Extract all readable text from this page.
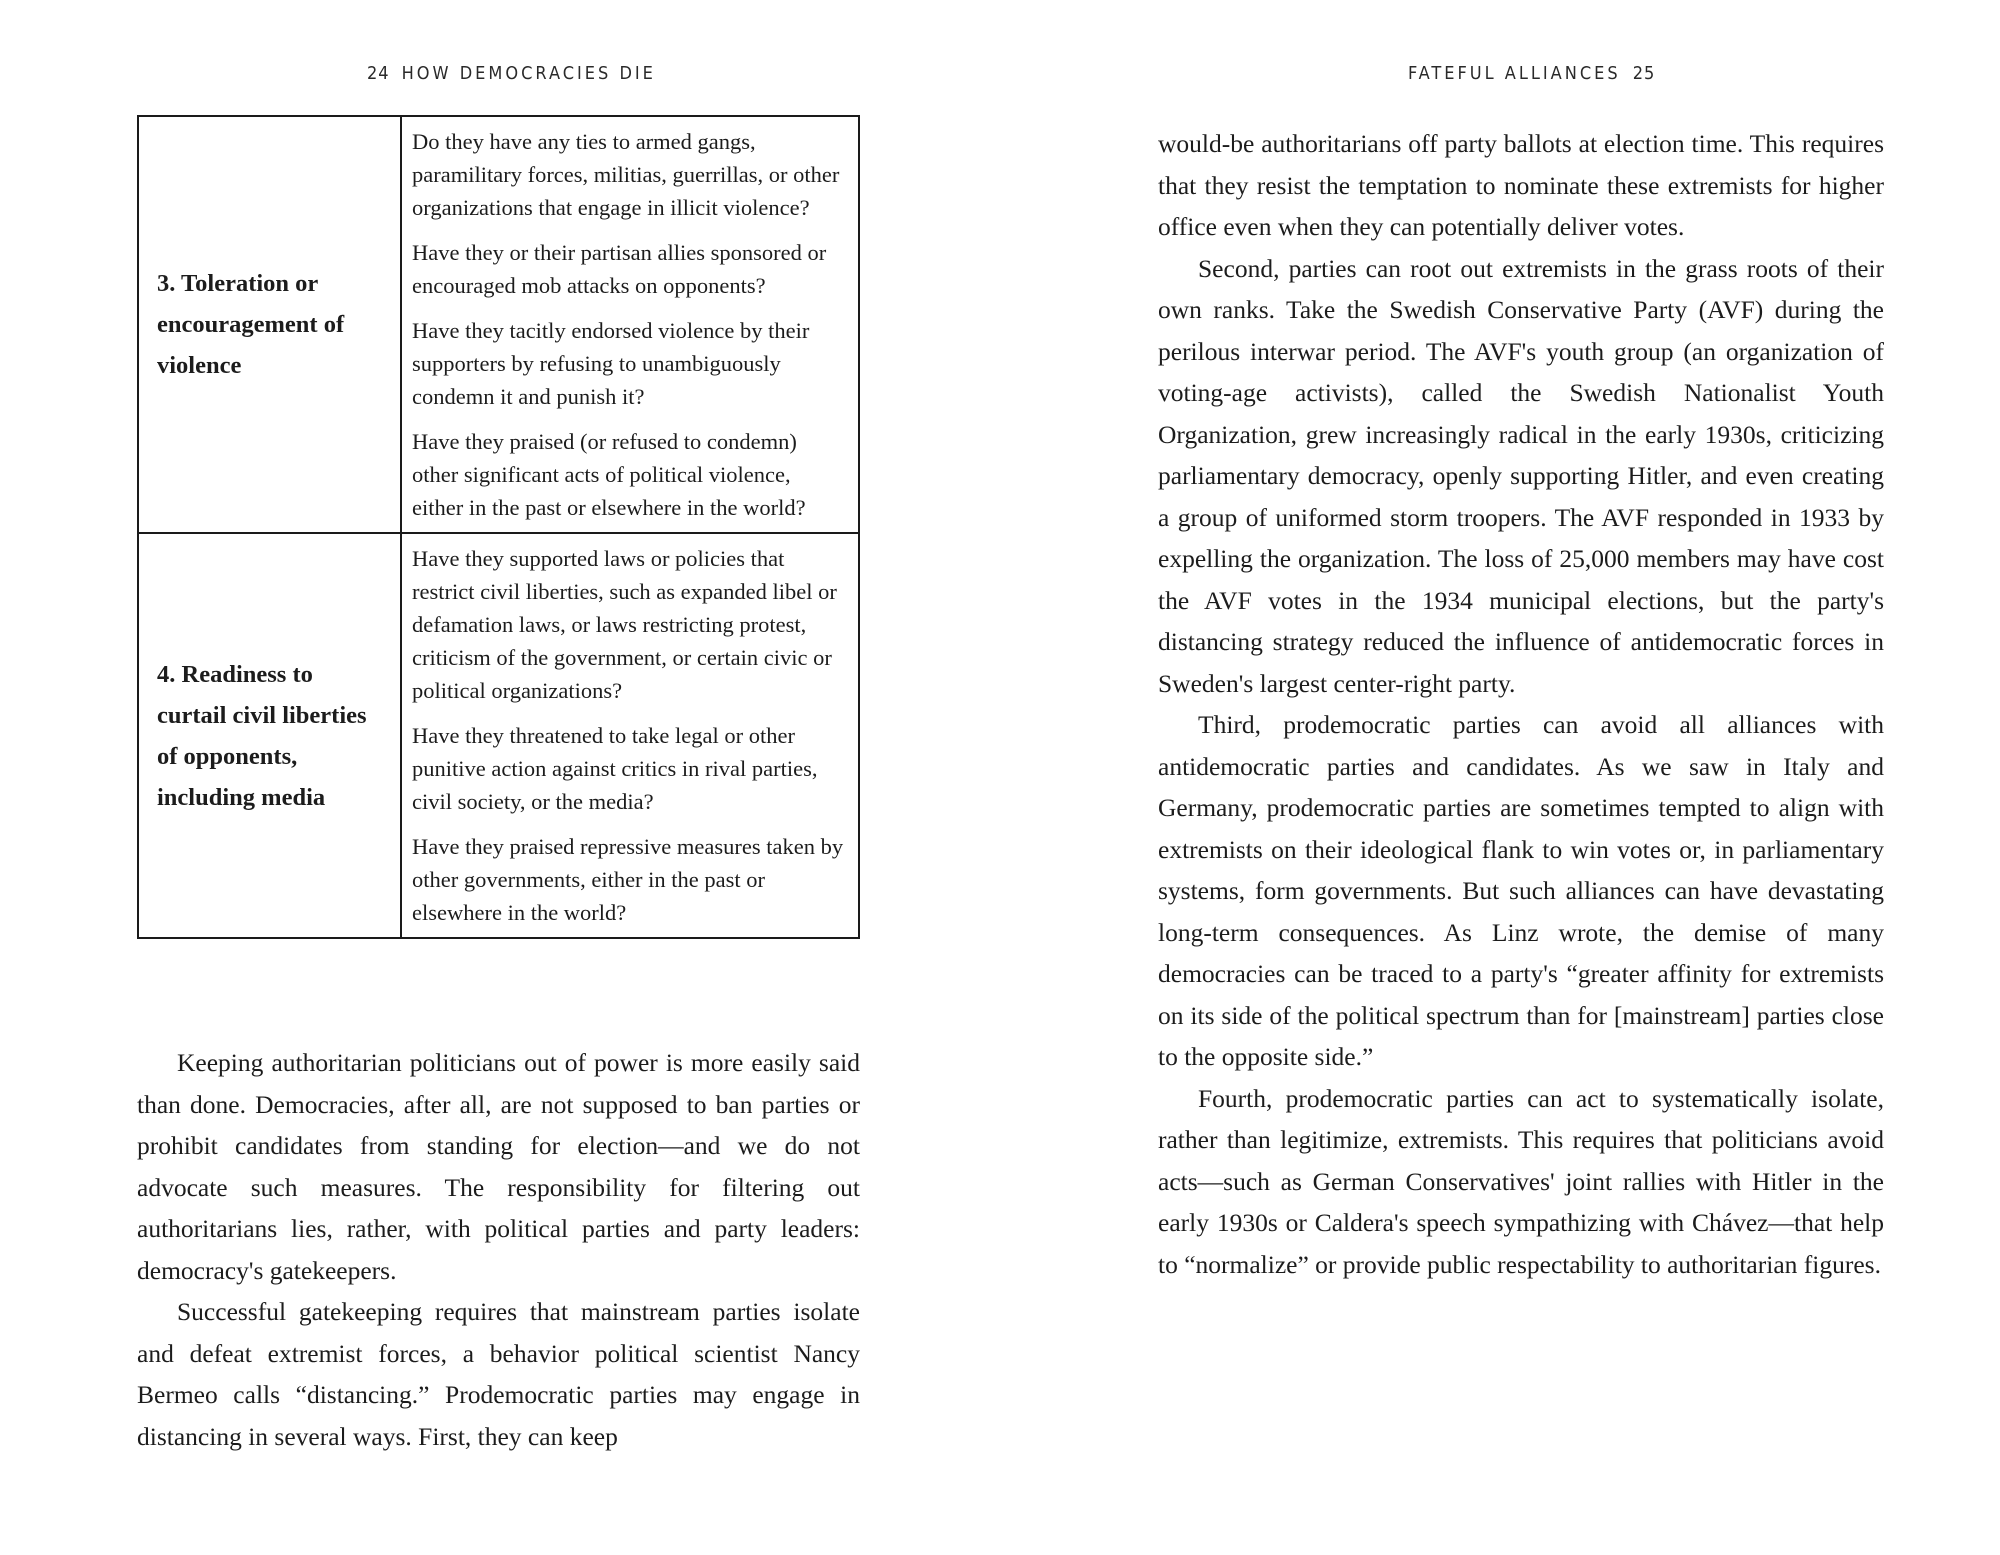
24 HOW DEMOCRACIES DIE
3. Toleration or encouragement of violence	Do they have any ties to armed gangs, paramilitary forces, militias, guerrillas, or other organizations that engage in illicit violence?

Have they or their partisan allies sponsored or encouraged mob attacks on opponents?

Have they tacitly endorsed violence by their supporters by refusing to unambiguously condemn it and punish it?

Have they praised (or refused to condemn) other significant acts of political violence, either in the past or elsewhere in the world?

4. Readiness to curtail civil liberties of opponents, including media	Have they supported laws or policies that restrict civil liberties, such as expanded libel or defamation laws, or laws restricting protest, criticism of the government, or certain civic or political organizations?

Have they threatened to take legal or other punitive action against critics in rival parties, civil society, or the media?

Have they praised repressive measures taken by other governments, either in the past or elsewhere in the world?

Keeping authoritarian politicians out of power is more easily said than done. Democracies, after all, are not supposed to ban parties or prohibit candidates from standing for election—and we do not advocate such measures. The responsibility for filtering out authoritarians lies, rather, with political parties and party leaders: democracy's gatekeepers.

Successful gatekeeping requires that mainstream parties isolate and defeat extremist forces, a behavior political scientist Nancy Bermeo calls “distancing.” Prodemocratic parties may engage in distancing in several ways. First, they can keep

FATEFUL ALLIANCES 25

would-be authoritarians off party ballots at election time. This requires that they resist the temptation to nominate these extremists for higher office even when they can potentially deliver votes.

Second, parties can root out extremists in the grass roots of their own ranks. Take the Swedish Conservative Party (AVF) during the perilous interwar period. The AVF's youth group (an organization of voting-age activists), called the Swedish Nationalist Youth Organization, grew increasingly radical in the early 1930s, criticizing parliamentary democracy, openly supporting Hitler, and even creating a group of uniformed storm troopers. The AVF responded in 1933 by expelling the organization. The loss of 25,000 members may have cost the AVF votes in the 1934 municipal elections, but the party's distancing strategy reduced the influence of antidemocratic forces in Sweden's largest center-right party.

Third, prodemocratic parties can avoid all alliances with antidemocratic parties and candidates. As we saw in Italy and Germany, prodemocratic parties are sometimes tempted to align with extremists on their ideological flank to win votes or, in parliamentary systems, form governments. But such alliances can have devastating long-term consequences. As Linz wrote, the demise of many democracies can be traced to a party's “greater affinity for extremists on its side of the political spectrum than for [mainstream] parties close to the opposite side.”

Fourth, prodemocratic parties can act to systematically isolate, rather than legitimize, extremists. This requires that politicians avoid acts—such as German Conservatives' joint rallies with Hitler in the early 1930s or Caldera's speech sympathizing with Chávez—that help to “normalize” or provide public respectability to authoritarian figures.
